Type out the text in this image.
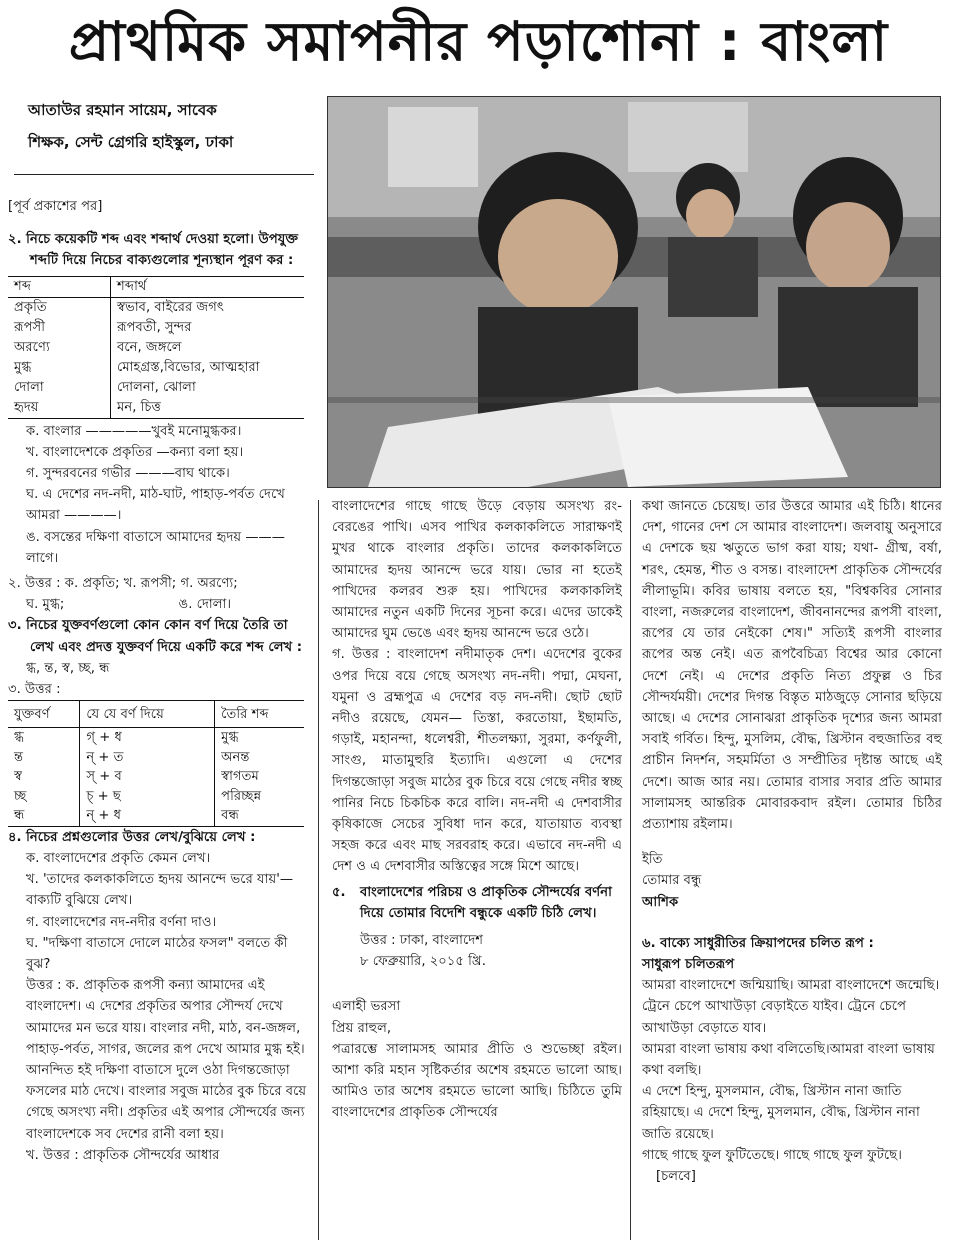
প্রাথমিক সমাপনীর পড়াশোনা : বাংলা
আতাউর রহমান সায়েম, সাবেক
শিক্ষক, সেন্ট গ্রেগরি হাইস্কুল, ঢাকা

[পূর্ব প্রকাশের পর]

২. নিচে কয়েকটি শব্দ এবং শব্দার্থ দেওয়া হলো। উপযুক্ত শব্দটি দিয়ে নিচের বাক্যগুলোর শূন্যস্থান পূরণ কর :

শব্দ	শব্দার্থ
প্রকৃতি	স্বভাব, বাইরের জগৎ
রূপসী	রূপবতী, সুন্দর
অরণ্যে	বনে, জঙ্গলে
মুগ্ধ	মোহগ্রস্ত,বিভোর, আত্মহারা
দোলা	দোলনা, ঝোলা
হৃদয়	মন, চিত্ত

ক. বাংলার —————খুবই মনোমুগ্ধকর।

খ. বাংলাদেশকে প্রকৃতির —কন্যা বলা হয়।

গ. সুন্দরবনের গভীর ———বাঘ থাকে।

ঘ. এ দেশের নদ-নদী, মাঠ-ঘাট, পাহাড়-পর্বত দেখে আমরা ————।

ঙ. বসন্তের দক্ষিণা বাতাসে আমাদের হৃদয় ——— লাগে।

২. উত্তর : ক. প্রকৃতি; খ. রূপসী; গ. অরণ্যে;

ঘ. মুগ্ধ;	ঙ. দোলা।

৩. নিচের যুক্তবর্ণগুলো কোন কোন বর্ণ দিয়ে তৈরি তা লেখ এবং প্রদত্ত যুক্তবর্ণ দিয়ে একটি করে শব্দ লেখ :

গ্ধ, ন্ত, স্ব, চ্ছ, ন্ধ

৩. উত্তর :

যুক্তবর্ণ	যে যে বর্ণ দিয়ে	তৈরি শব্দ
গ্ধ	গ্‌ + ধ	মুগ্ধ
ন্ত	ন্‌ + ত	অনন্ত
স্ব	স্‌ + ব	স্বাগতম
চ্ছ	চ্‌ + ছ	পরিচ্ছন্ন
ন্ধ	ন্‌ + ধ	বন্ধ

৪. নিচের প্রশ্নগুলোর উত্তর লেখ/বুঝিয়ে লেখ :

ক. বাংলাদেশের প্রকৃতি কেমন লেখ।

খ. 'তাদের কলকাকলিতে হৃদয় আনন্দে ভরে যায়'— বাক্যটি বুঝিয়ে লেখ।

গ. বাংলাদেশের নদ-নদীর বর্ণনা দাও।

ঘ. "দক্ষিণা বাতাসে দোলে মাঠের ফসল" বলতে কী বুঝ?

উত্তর : ক. প্রাকৃতিক রূপসী কন্যা আমাদের এই বাংলাদেশ। এ দেশের প্রকৃতির অপার সৌন্দর্য দেখে আমাদের মন ভরে যায়। বাংলার নদী, মাঠ, বন-জঙ্গল, পাহাড়-পর্বত, সাগর, জলের রূপ দেখে আমার মুগ্ধ হই। আনন্দিত হই দক্ষিণা বাতাসে দুলে ওঠা দিগন্তজোড়া ফসলের মাঠ দেখে। বাংলার সবুজ মাঠের বুক চিরে বয়ে গেছে অসংখ্য নদী। প্রকৃতির এই অপার সৌন্দর্যের জন্য বাংলাদেশকে সব দেশের রানী বলা হয়।

খ. উত্তর : প্রাকৃতিক সৌন্দর্যের আধার

বাংলাদেশের গাছে গাছে উড়ে বেড়ায় অসংখ্য রং-বেরঙের পাখি। এসব পাখির কলকাকলিতে সারাক্ষণই মুখর থাকে বাংলার প্রকৃতি। তাদের কলকাকলিতে আমাদের হৃদয় আনন্দে ভরে যায়। ভোর না হতেই পাখিদের কলরব শুরু হয়। পাখিদের কলকাকলিই আমাদের নতুন একটি দিনের সূচনা করে। এদের ডাকেই আমাদের ঘুম ভেঙে এবং হৃদয় আনন্দে ভরে ওঠে।

গ. উত্তর : বাংলাদেশ নদীমাতৃক দেশ। এদেশের বুকের ওপর দিয়ে বয়ে গেছে অসংখ্য নদ-নদী। পদ্মা, মেঘনা, যমুনা ও ব্রহ্মপুত্র এ দেশের বড় নদ-নদী। ছোট ছোট নদীও রয়েছে, যেমন— তিস্তা, করতোয়া, ইছামতি, গড়াই, মহানন্দা, ধলেশ্বরী, শীতলক্ষ্যা, সুরমা, কর্ণফুলী, সাংগু, মাতামুহুরি ইত্যাদি। এগুলো এ দেশের দিগন্তজোড়া সবুজ মাঠের বুক চিরে বয়ে গেছে নদীর স্বচ্ছ পানির নিচে চিকচিক করে বালি। নদ-নদী এ দেশবাসীর কৃষিকাজে সেচের সুবিধা দান করে, যাতায়াত ব্যবস্থা সহজ করে এবং মাছ সরবরাহ করে। এভাবে নদ-নদী এ দেশ ও এ দেশবাসীর অস্তিত্বের সঙ্গে মিশে আছে।

৫.	বাংলাদেশের পরিচয় ও প্রাকৃতিক সৌন্দর্যের বর্ণনা দিয়ে তোমার বিদেশি বন্ধুকে একটি চিঠি লেখ।

উত্তর : ঢাকা, বাংলাদেশ

৮ ফেব্রুয়ারি, ২০১৫ খ্রি.

এলাহী ভরসা

প্রিয় রাহুল,

পত্রারম্ভে সালামসহ আমার প্রীতি ও শুভেচ্ছা রইল। আশা করি মহান সৃষ্টিকর্তার অশেষ রহমতে ভালো আছ। আমিও তার অশেষ রহমতে ভালো আছি। চিঠিতে তুমি বাংলাদেশের প্রাকৃতিক সৌন্দর্যের

কথা জানতে চেয়েছ। তার উত্তরে আমার এই চিঠি। ধানের দেশ, গানের দেশ সে আমার বাংলাদেশ। জলবায়ু অনুসারে এ দেশকে ছয় ঋতুতে ভাগ করা যায়; যথা- গ্রীষ্ম, বর্ষা, শরৎ, হেমন্ত, শীত ও বসন্ত। বাংলাদেশ প্রাকৃতিক সৌন্দর্যের লীলাভূমি। কবির ভাষায় বলতে হয়, "বিশ্বকবির সোনার বাংলা, নজরুলের বাংলাদেশ, জীবনানন্দের রূপসী বাংলা, রূপের যে তার নেইকো শেষ।" সত্যিই রূপসী বাংলার রূপের অন্ত নেই। এত রূপবৈচিত্র্য বিশ্বের আর কোনো দেশে নেই। এ দেশের প্রকৃতি নিত্য প্রফুল্ল ও চির সৌন্দর্যময়ী। দেশের দিগন্ত বিস্তৃত মাঠজুড়ে সোনার ছড়িয়ে আছে। এ দেশের সোনাঝরা প্রাকৃতিক দৃশ্যের জন্য আমরা সবাই গর্বিত। হিন্দু, মুসলিম, বৌদ্ধ, খ্রিস্টান বহুজাতির বহু প্রাচীন নিদর্শন, সহমর্মিতা ও সম্প্রীতির দৃষ্টান্ত আছে এই দেশে। আজ আর নয়। তোমার বাসার সবার প্রতি আমার সালামসহ আন্তরিক মোবারকবাদ রইল। তোমার চিঠির প্রত্যাশায় রইলাম।

ইতি

তোমার বন্ধু

আশিক

৬. বাক্যে সাধুরীতির ক্রিয়াপদের চলিত রূপ :

সাধুরূপ চলিতরূপ

আমরা বাংলাদেশে জন্মিয়াছি। আমরা বাংলাদেশে জন্মেছি।

ট্রেনে চেপে আখাউড়া বেড়াইতে যাইব। ট্রেনে চেপে আখাউড়া বেড়াতে যাব।

আমরা বাংলা ভাষায় কথা বলিতেছি।আমরা বাংলা ভাষায় কথা বলছি।

এ দেশে হিন্দু, মুসলমান, বৌদ্ধ, খ্রিস্টান নানা জাতি রহিয়াছে। এ দেশে হিন্দু, মুসলমান, বৌদ্ধ, খ্রিস্টান নানা জাতি রয়েছে।

গাছে গাছে ফুল ফুটিতেছে। গাছে গাছে ফুল ফুটছে। [চলবে]
